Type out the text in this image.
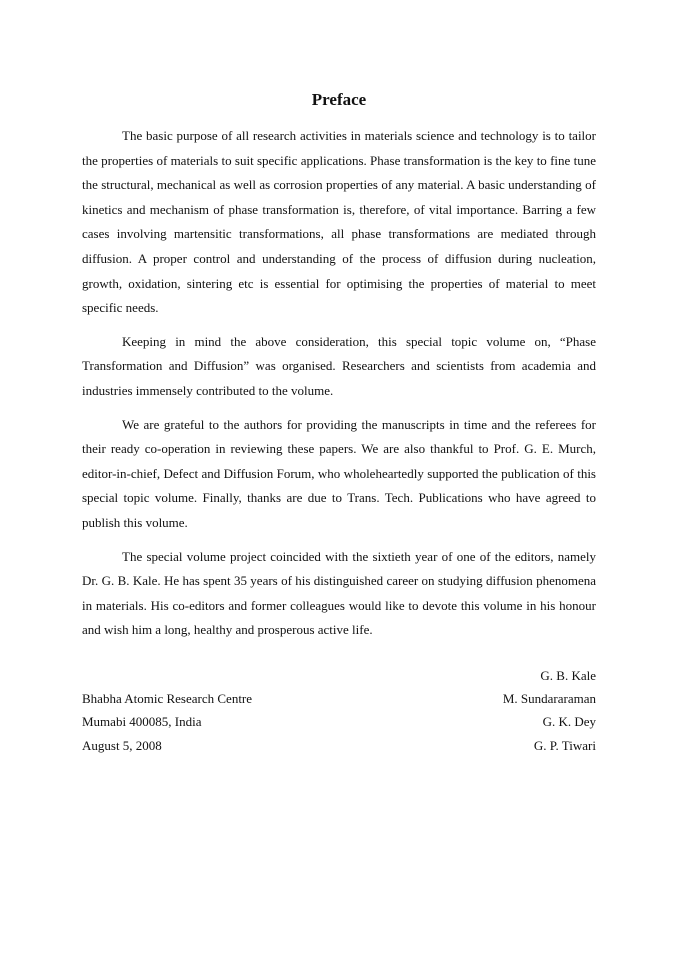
Preface

The basic purpose of all research activities in materials science and technology is to tailor the properties of materials to suit specific applications. Phase transformation is the key to fine tune the structural, mechanical as well as corrosion properties of any material. A basic understanding of kinetics and mechanism of phase transformation is, therefore, of vital importance. Barring a few cases involving martensitic transformations, all phase transformations are mediated through diffusion. A proper control and understanding of the process of diffusion during nucleation, growth, oxidation, sintering etc is essential for optimising the properties of material to meet specific needs.

Keeping in mind the above consideration, this special topic volume on, “Phase Transformation and Diffusion” was organised. Researchers and scientists from academia and industries immensely contributed to the volume.

We are grateful to the authors for providing the manuscripts in time and the referees for their ready co-operation in reviewing these papers. We are also thankful to Prof. G. E. Murch, editor-in-chief, Defect and Diffusion Forum, who wholeheartedly supported the publication of this special topic volume. Finally, thanks are due to Trans. Tech. Publications who have agreed to publish this volume.

The special volume project coincided with the sixtieth year of one of the editors, namely Dr. G. B. Kale. He has spent 35 years of his distinguished career on studying diffusion phenomena in materials. His co-editors and former colleagues would like to devote this volume in his honour and wish him a long, healthy and prosperous active life.

G. B. Kale
Bhabha Atomic Research Centre	M. Sundararaman
Mumabi 400085, India	G. K. Dey
August 5, 2008	G. P. Tiwari
